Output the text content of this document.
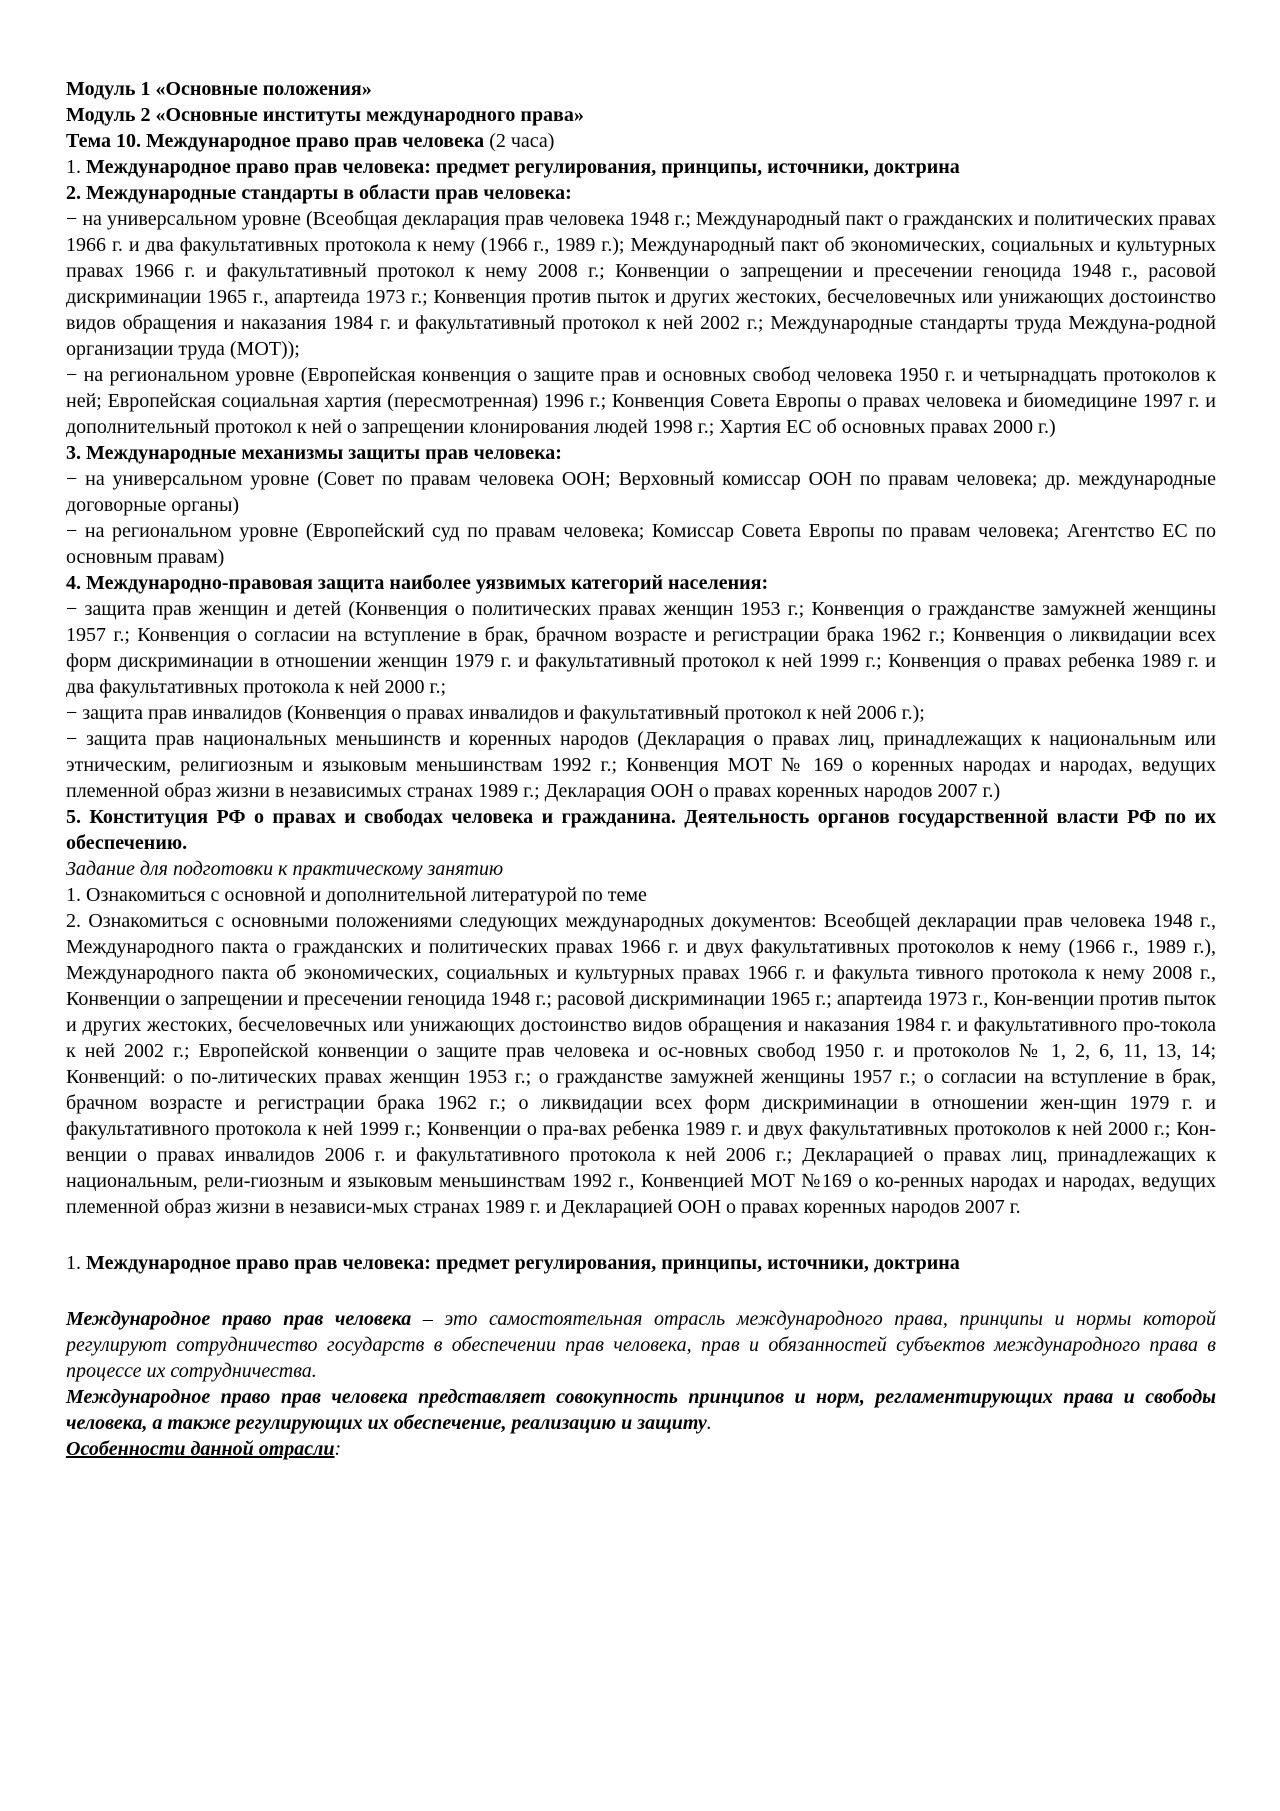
Модуль 1 «Основные положения»

Модуль 2 «Основные институты международного права»

Тема 10. Международное право прав человека (2 часа)

1. Международное право прав человека: предмет регулирования, принципы, источники, доктрина

2. Международные стандарты в области прав человека:

− на универсальном уровне (Всеобщая декларация прав человека 1948 г.; Международный пакт о гражданских и политических правах 1966 г. и два факультативных протокола к нему (1966 г., 1989 г.); Международный пакт об экономических, социальных и культурных правах 1966 г. и факультативный протокол к нему 2008 г.; Конвенции о запрещении и пресечении геноцида 1948 г., расовой дискриминации 1965 г., апартеида 1973 г.; Конвенция против пыток и других жестоких, бесчеловечных или унижающих достоинство видов обращения и наказания 1984 г. и факультативный протокол к ней 2002 г.; Международные стандарты труда Междуна-родной организации труда (МОТ));

− на региональном уровне (Европейская конвенция о защите прав и основных свобод человека 1950 г. и четырнадцать протоколов к ней; Европейская социальная хартия (пересмотренная) 1996 г.; Конвенция Совета Европы о правах человека и биомедицине 1997 г. и дополнительный протокол к ней о запрещении клонирования людей 1998 г.; Хартия ЕС об основных правах 2000 г.)

3. Международные механизмы защиты прав человека:

− на универсальном уровне (Совет по правам человека ООН; Верховный комиссар ООН по правам человека; др. международные договорные органы)

− на региональном уровне (Европейский суд по правам человека; Комиссар Совета Европы по правам человека; Агентство ЕС по основным правам)

4. Международно-правовая защита наиболее уязвимых категорий населения:

− защита прав женщин и детей (Конвенция о политических правах женщин 1953 г.; Конвенция о гражданстве замужней женщины 1957 г.; Конвенция о согласии на вступление в брак, брачном возрасте и регистрации брака 1962 г.; Конвенция о ликвидации всех форм дискриминации в отношении женщин 1979 г. и факультативный протокол к ней 1999 г.; Конвенция о правах ребенка 1989 г. и два факультативных протокола к ней 2000 г.;

− защита прав инвалидов (Конвенция о правах инвалидов и факультативный протокол к ней 2006 г.);

− защита прав национальных меньшинств и коренных народов (Декларация о правах лиц, принадлежащих к национальным или этническим, религиозным и языковым меньшинствам 1992 г.; Конвенция МОТ № 169 о коренных народах и народах, ведущих племенной образ жизни в независимых странах 1989 г.; Декларация ООН о правах коренных народов 2007 г.)

5. Конституция РФ о правах и свободах человека и гражданина. Деятельность органов государственной власти РФ по их обеспечению.

Задание для подготовки к практическому занятию

1. Ознакомиться с основной и дополнительной литературой по теме

2. Ознакомиться с основными положениями следующих международных документов: Всеобщей декларации прав человека 1948 г., Международного пакта о гражданских и политических правах 1966 г. и двух факультативных протоколов к нему (1966 г., 1989 г.), Международного пакта об экономических, социальных и культурных правах 1966 г. и факульта тивного протокола к нему 2008 г., Конвенции о запрещении и пресечении геноцида 1948 г.; расовой дискриминации 1965 г.; апартеида 1973 г., Кон-венции против пыток и других жестоких, бесчеловечных или унижающих достоинство видов обращения и наказания 1984 г. и факультативного про-токола к ней 2002 г.; Европейской конвенции о защите прав человека и ос-новных свобод 1950 г. и протоколов № 1, 2, 6, 11, 13, 14; Конвенций: о по-литических правах женщин 1953 г.; о гражданстве замужней женщины 1957 г.; о согласии на вступление в брак, брачном возрасте и регистрации брака 1962 г.; о ликвидации всех форм дискриминации в отношении жен-щин 1979 г. и факультативного протокола к ней 1999 г.; Конвенции о пра-вах ребенка 1989 г. и двух факультативных протоколов к ней 2000 г.; Кон-венции о правах инвалидов 2006 г. и факультативного протокола к ней 2006 г.; Декларацией о правах лиц, принадлежащих к национальным, рели-гиозным и языковым меньшинствам 1992 г., Конвенцией МОТ №169 о ко-ренных народах и народах, ведущих племенной образ жизни в независи-мых странах 1989 г. и Декларацией ООН о правах коренных народов 2007 г.

1. Международное право прав человека: предмет регулирования, принципы, источники, доктрина

Международное право прав человека – это самостоятельная отрасль международного права, принципы и нормы которой регулируют сотрудничество государств в обеспечении прав человека, прав и обязанностей субъектов международного права в процессе их сотрудничества.

Международное право прав человека представляет совокупность принципов и норм, регламентирующих права и свободы человека, а также регулирующих их обеспечение, реализацию и защиту.

Особенности данной отрасли:
